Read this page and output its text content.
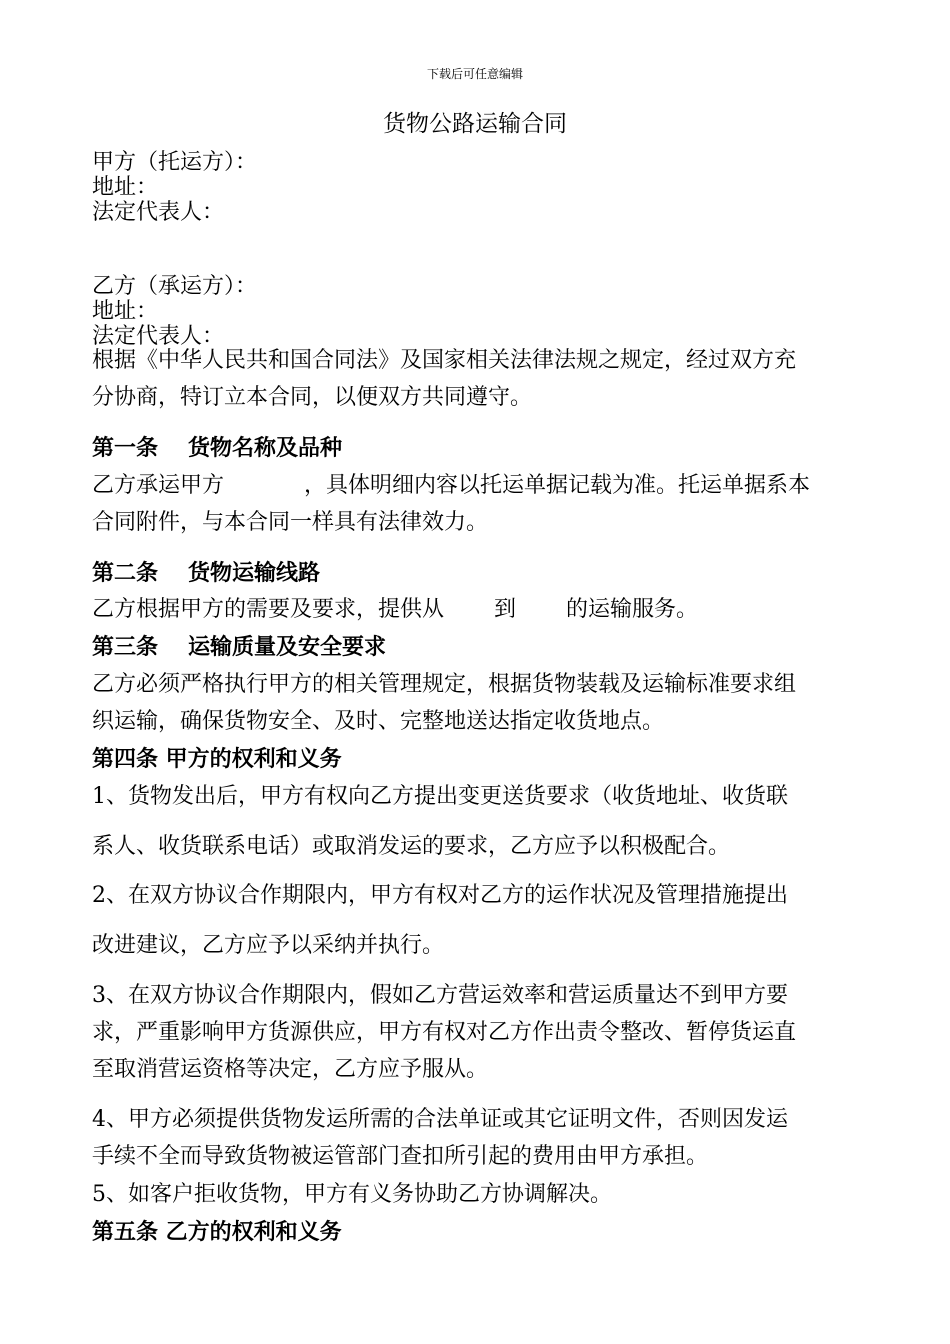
下载后可任意编辑
货物公路运输合同
甲方（托运方）：
地址：
法定代表人：
乙方（承运方）：
地址：
法定代表人：
根据《中华人民共和国合同法》及国家相关法律法规之规定，经过双方充
分协商，特订立本合同，以便双方共同遵守。
第一条 货物名称及品种
乙方承运甲方	，具体明细内容以托运单据记载为准。托运单据系本
合同附件，与本合同一样具有法律效力。
第二条 货物运输线路
乙方根据甲方的需要及要求，提供从 到 的运输服务。
第三条 运输质量及安全要求
乙方必须严格执行甲方的相关管理规定，根据货物装载及运输标准要求组
织运输，确保货物安全、及时、完整地送达指定收货地点。
第四条 甲方的权利和义务
1、货物发出后，甲方有权向乙方提出变更送货要求（收货地址、收货联
系人、收货联系电话）或取消发运的要求，乙方应予以积极配合。
2、在双方协议合作期限内，甲方有权对乙方的运作状况及管理措施提出
改进建议，乙方应予以采纳并执行。
3、在双方协议合作期限内，假如乙方营运效率和营运质量达不到甲方要
求，严重影响甲方货源供应，甲方有权对乙方作出责令整改、暂停货运直
至取消营运资格等决定，乙方应予服从。
4、甲方必须提供货物发运所需的合法单证或其它证明文件，否则因发运
手续不全而导致货物被运管部门查扣所引起的费用由甲方承担。
5、如客户拒收货物，甲方有义务协助乙方协调解决。
第五条 乙方的权利和义务
